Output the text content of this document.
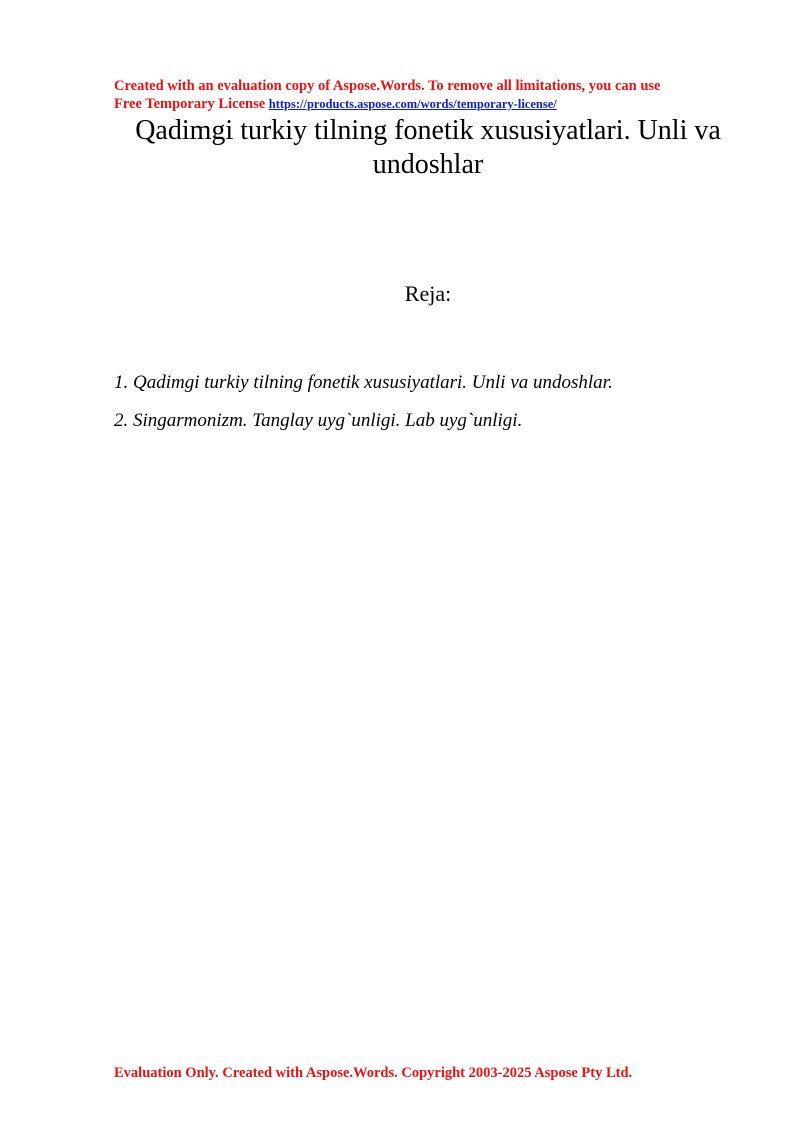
Created with an evaluation copy of Aspose.Words. To remove all limitations, you can use
Free Temporary License https://products.aspose.com/words/temporary-license/
Qadimgi turkiy tilning fonetik xususiyatlari. Unli va undoshlar
Reja:
1. Qadimgi turkiy tilning fonetik xususiyatlari. Unli va undoshlar.
2. Singarmonizm. Tanglay uyg`unligi. Lab uyg`unligi.
Evaluation Only. Created with Aspose.Words. Copyright 2003-2025 Aspose Pty Ltd.
